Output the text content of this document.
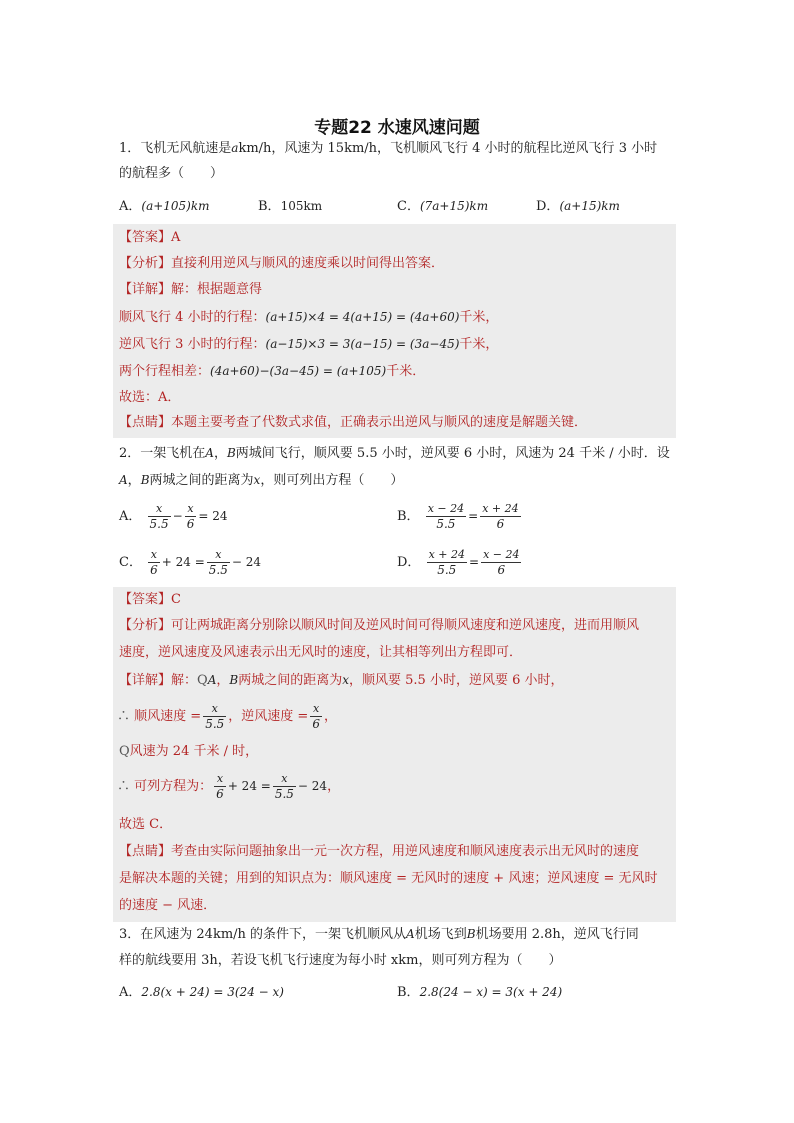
专题22 水速风速问题
1．飞机无风航速是akm/h，风速为 15km/h，飞机顺风飞行 4 小时的航程比逆风飞行 3 小时
的航程多（　　）
A．(a+105)km	B．105km	C．(7a+15)km	D．(a+15)km
【答案】A
【分析】直接利用逆风与顺风的速度乘以时间得出答案．
【详解】解：根据题意得
顺风飞行 4 小时的行程：(a+15)×4 = 4(a+15) = (4a+60)千米，
逆风飞行 3 小时的行程：(a−15)×3 = 3(a−15) = (3a−45)千米，
两个行程相差：(4a+60)−(3a−45) = (a+105)千米．
故选：A．
【点睛】本题主要考查了代数式求值，正确表示出逆风与顺风的速度是解题关键．
2．一架飞机在A，B两城间飞行，顺风要 5.5 小时，逆风要 6 小时，风速为 24 千米 / 小时．设
A，B两城之间的距离为x，则可列出方程（　　）
A． $\frac{x}{5.5} - \frac{x}{6} = 24$	B． $\frac{x - 24}{5.5} = \frac{x + 24}{6}$
C． $\frac{x}{6} + 24 = \frac{x}{5.5} - 24$	D． $\frac{x + 24}{5.5} = \frac{x - 24}{6}$
【答案】C
【分析】可让两城距离分别除以顺风时间及逆风时间可得顺风速度和逆风速度，进而用顺风
速度，逆风速度及风速表示出无风时的速度，让其相等列出方程即可．
【详解】解：QA，B两城之间的距离为x，顺风要 5.5 小时，逆风要 6 小时，
∴ 顺风速度 = $\frac{x}{5.5}$ ，逆风速度 = $\frac{x}{6}$ ，
Q风速为 24 千米 / 时，
∴ 可列方程为： $\frac{x}{6} + 24 = \frac{x}{5.5} - 24$，
故选 C．
【点睛】考查由实际问题抽象出一元一次方程，用逆风速度和顺风速度表示出无风时的速度
是解决本题的关键；用到的知识点为：顺风速度 = 无风时的速度 + 风速；逆风速度 = 无风时
的速度 − 风速．
3．在风速为 24km/h 的条件下，一架飞机顺风从A机场飞到B机场要用 2.8h，逆风飞行同
样的航线要用 3h，若设飞机飞行速度为每小时 xkm，则可列方程为（　　）
A．2.8(x + 24) = 3(24 − x)	B．2.8(24 − x) = 3(x + 24)
